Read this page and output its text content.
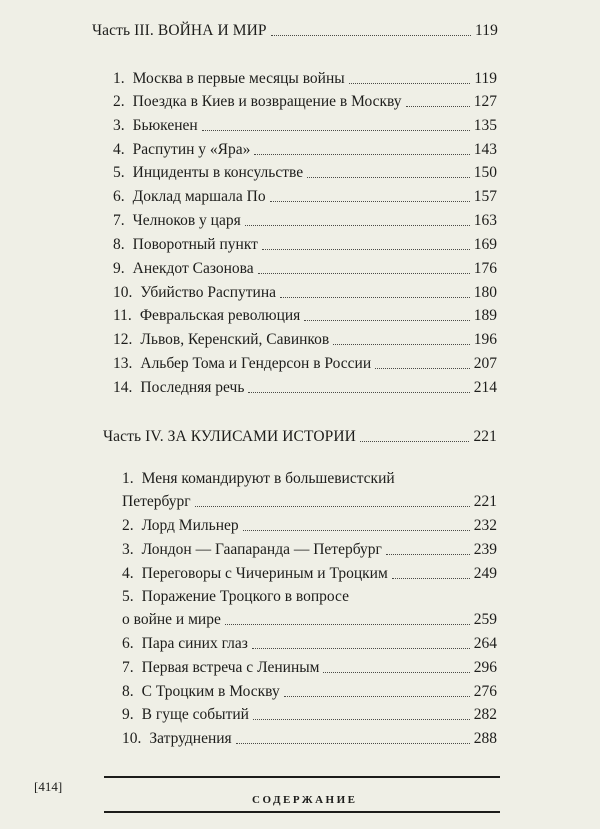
Часть III. ВОЙНА И МИР	119
1. Москва в первые месяцы войны	119
2. Поездка в Киев и возвращение в Москву	127
3. Бьюкенен	135
4. Распутин у «Яра»	143
5. Инциденты в консульстве	150
6. Доклад маршала По	157
7. Челноков у царя	163
8. Поворотный пункт	169
9. Анекдот Сазонова	176
10. Убийство Распутина	180
11. Февральская революция	189
12. Львов, Керенский, Савинков	196
13. Альбер Тома и Гендерсон в России	207
14. Последняя речь	214
Часть IV. ЗА КУЛИСАМИ ИСТОРИИ	221
1. Меня командируют в большевистский
Петербург	221
2. Лорд Мильнер	232
3. Лондон — Гаапаранда — Петербург	239
4. Переговоры с Чичериным и Троцким	249
5. Поражение Троцкого в вопросе
о войне и мире	259
6. Пара синих глаз	264
7. Первая встреча с Лениным	296
8. С Троцким в Москву	276
9. В гуще событий	282
10. Затруднения	288
[414]
СОДЕРЖАНИЕ
